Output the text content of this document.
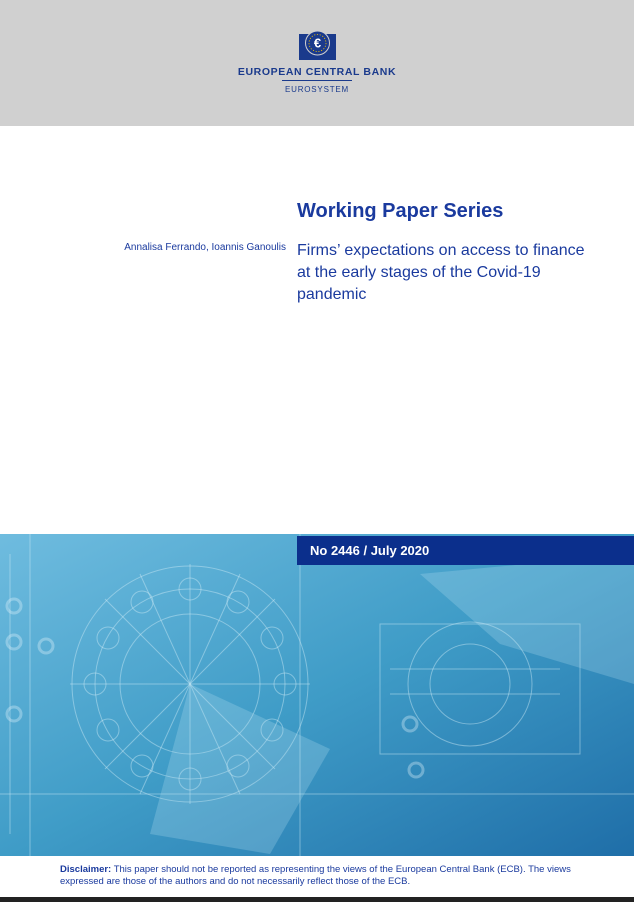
€
EUROPEAN CENTRAL BANK
EUROSYSTEM
Working Paper Series
Annalisa Ferrando, Ioannis Ganoulis Firms’ expectations on access to finance at the early stages of the Covid-19 pandemic
No 2446 / July 2020
Disclaimer: This paper should not be reported as representing the views of the European Central Bank (ECB). The views expressed are those of the authors and do not necessarily reflect those of the ECB.
